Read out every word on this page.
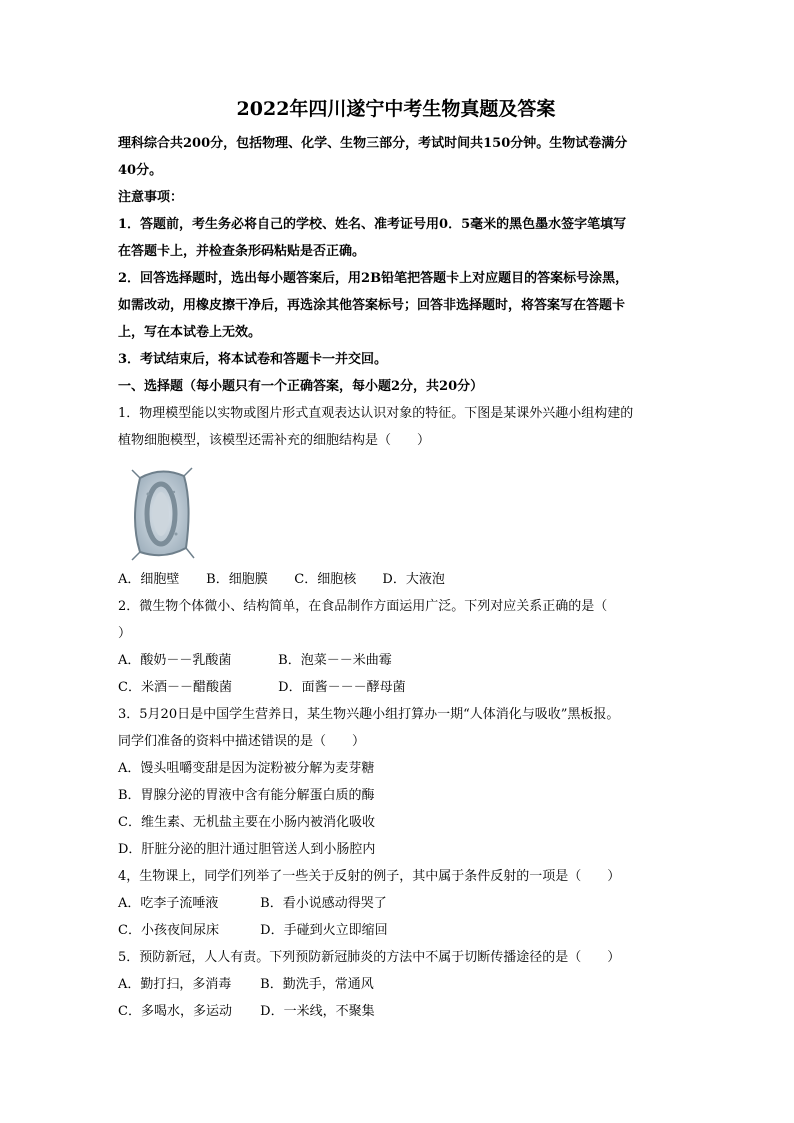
2022年四川遂宁中考生物真题及答案
理科综合共200分，包括物理、化学、生物三部分，考试时间共150分钟。生物试卷满分
40分。
注意事项：
1．答题前，考生务必将自己的学校、姓名、准考证号用0．5毫米的黑色墨水签字笔填写
在答题卡上，并检查条形码粘贴是否正确。
2．回答选择题时，选出每小题答案后，用2B铅笔把答题卡上对应题目的答案标号涂黑，
如需改动，用橡皮擦干净后，再选涂其他答案标号；回答非选择题时，将答案写在答题卡
上，写在本试卷上无效。
3．考试结束后，将本试卷和答题卡一并交回。
一、选择题（每小题只有一个正确答案，每小题2分，共20分）
1．物理模型能以实物或图片形式直观表达认识对象的特征。下图是某课外兴趣小组构建的
植物细胞模型，该模型还需补充的细胞结构是（　　）
A．细胞壁 B．细胞膜 C．细胞核 D．大液泡
2．微生物个体微小、结构简单，在食品制作方面运用广泛。下列对应关系正确的是（
）
A．酸奶－－乳酸菌	B．泡菜－－米曲霉
C．米酒－－醋酸菌	D．面酱－－－酵母菌
3．5月20日是中国学生营养日，某生物兴趣小组打算办一期“人体消化与吸收”黑板报。
同学们准备的资料中描述错误的是（　　）
A．馒头咀嚼变甜是因为淀粉被分解为麦芽糖
B．胃腺分泌的胃液中含有能分解蛋白质的酶
C．维生素、无机盐主要在小肠内被消化吸收
D．肝脏分泌的胆汁通过胆管送人到小肠腔内
4，生物课上，同学们列举了一些关于反射的例子，其中属于条件反射的一项是（　　）
A．吃李子流唾液	B．看小说感动得哭了
C．小孩夜间尿床	D．手碰到火立即缩回
5．预防新冠，人人有责。下列预防新冠肺炎的方法中不属于切断传播途径的是（　　）
A．勤打扫，多消毒 B．勤洗手，常通风
C．多喝水，多运动 D．一米线，不聚集
